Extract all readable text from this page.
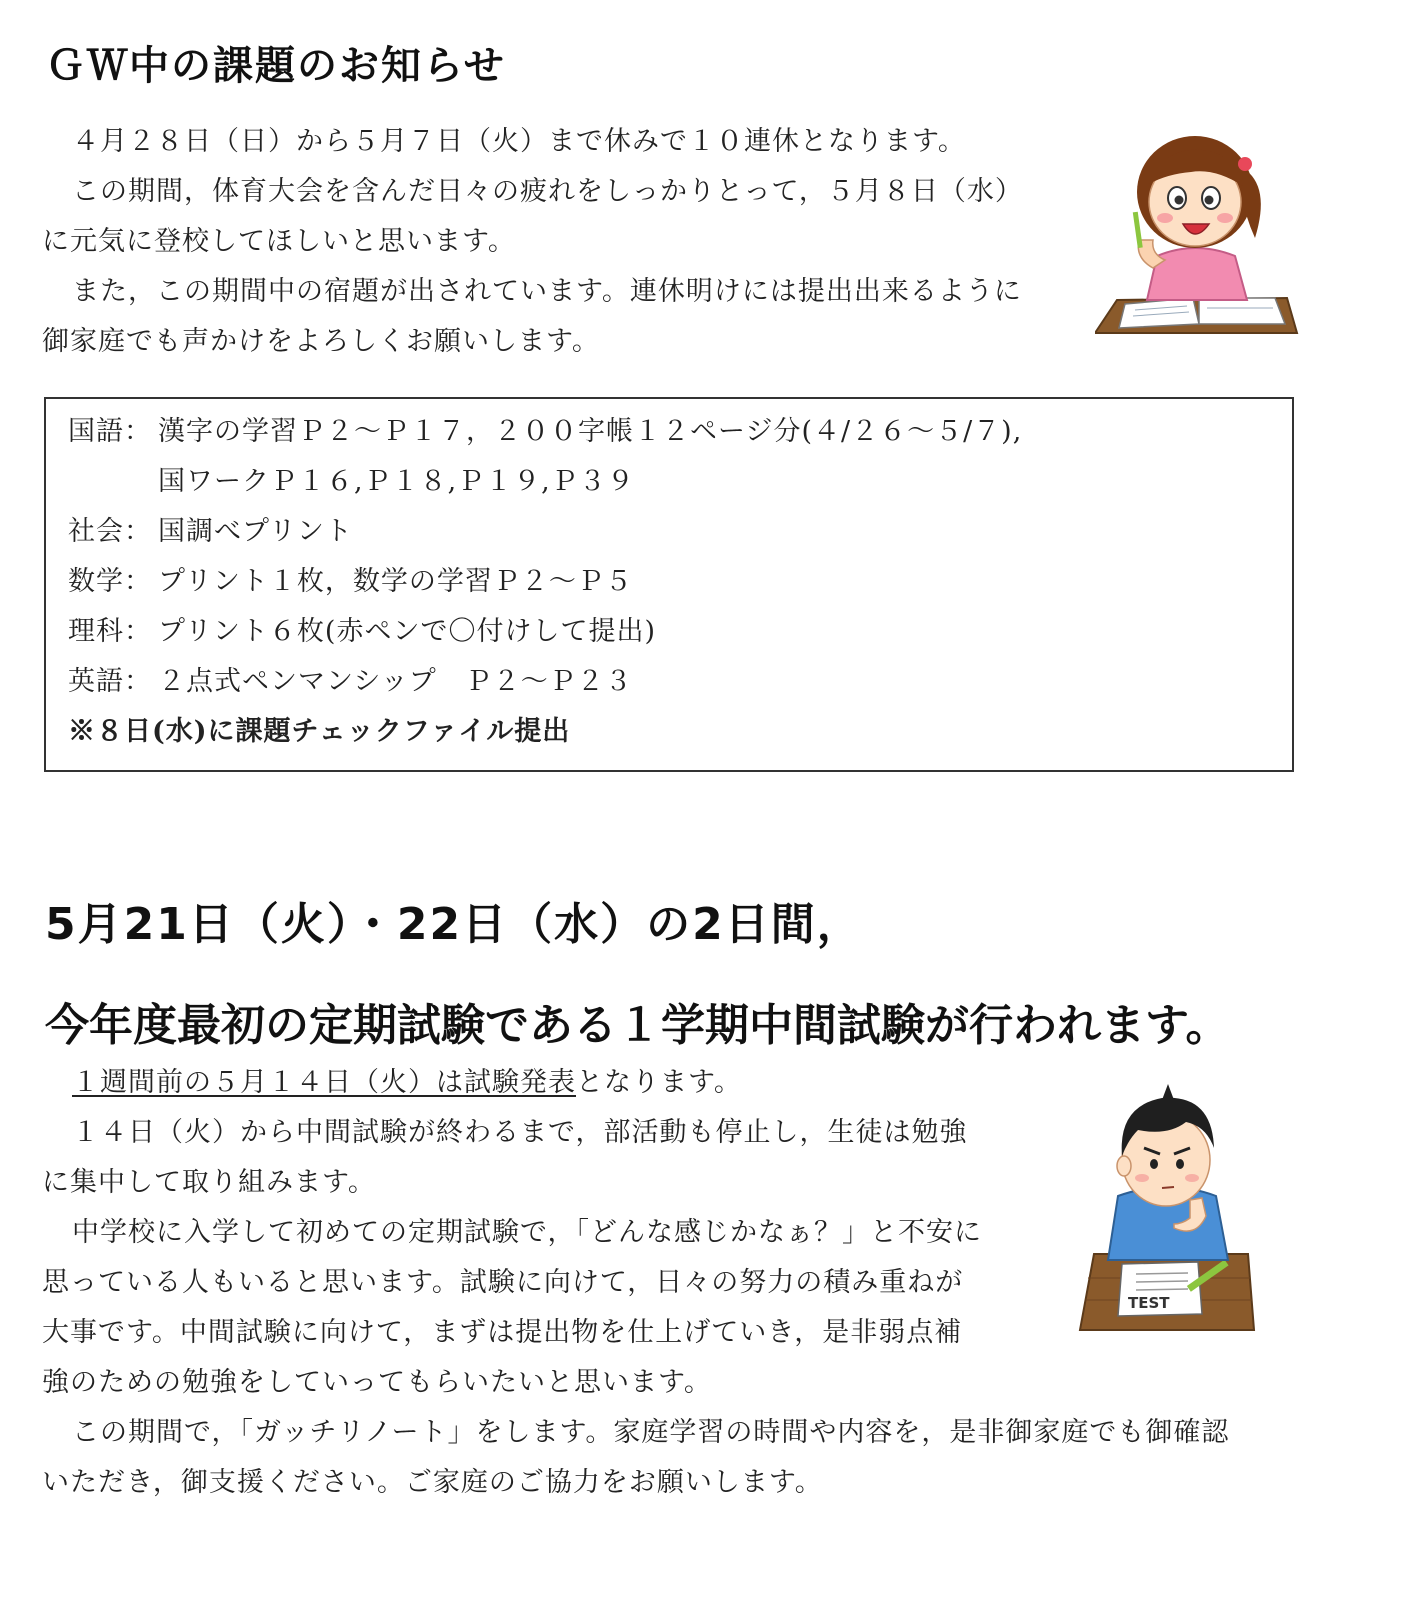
ＧＷ中の課題のお知らせ

４月２８日（日）から５月７日（火）まで休みで１０連休となります。

この期間，体育大会を含んだ日々の疲れをしっかりとって，５月８日（水）

に元気に登校してほしいと思います。

また，この期間中の宿題が出されています。連休明けには提出出来るように

御家庭でも声かけをよろしくお願いします。

国語： 漢字の学習Ｐ２～Ｐ１７，２００字帳１２ページ分(４/２６～５/７),
国ワークＰ１６,Ｐ１８,Ｐ１９,Ｐ３９
社会： 国調べプリント
数学： プリント１枚，数学の学習Ｐ２～Ｐ５
理科： プリント６枚(赤ペンで〇付けして提出)
英語： ２点式ペンマンシップ　Ｐ２～Ｐ２３
※８日(水)に課題チェックファイル提出
5月21日（火）・22日（水）の2日間，
今年度最初の定期試験である１学期中間試験が行われます。

１週間前の５月１４日（火）は試験発表となります。

１４日（火）から中間試験が終わるまで，部活動も停止し，生徒は勉強

に集中して取り組みます。

中学校に入学して初めての定期試験で，「どんな感じかなぁ？」と不安に

思っている人もいると思います。試験に向けて，日々の努力の積み重ねが

大事です。中間試験に向けて，まずは提出物を仕上げていき，是非弱点補

強のための勉強をしていってもらいたいと思います。

この期間で，「ガッチリノート」をします。家庭学習の時間や内容を，是非御家庭でも御確認

いただき，御支援ください。ご家庭のご協力をお願いします。

TEST
